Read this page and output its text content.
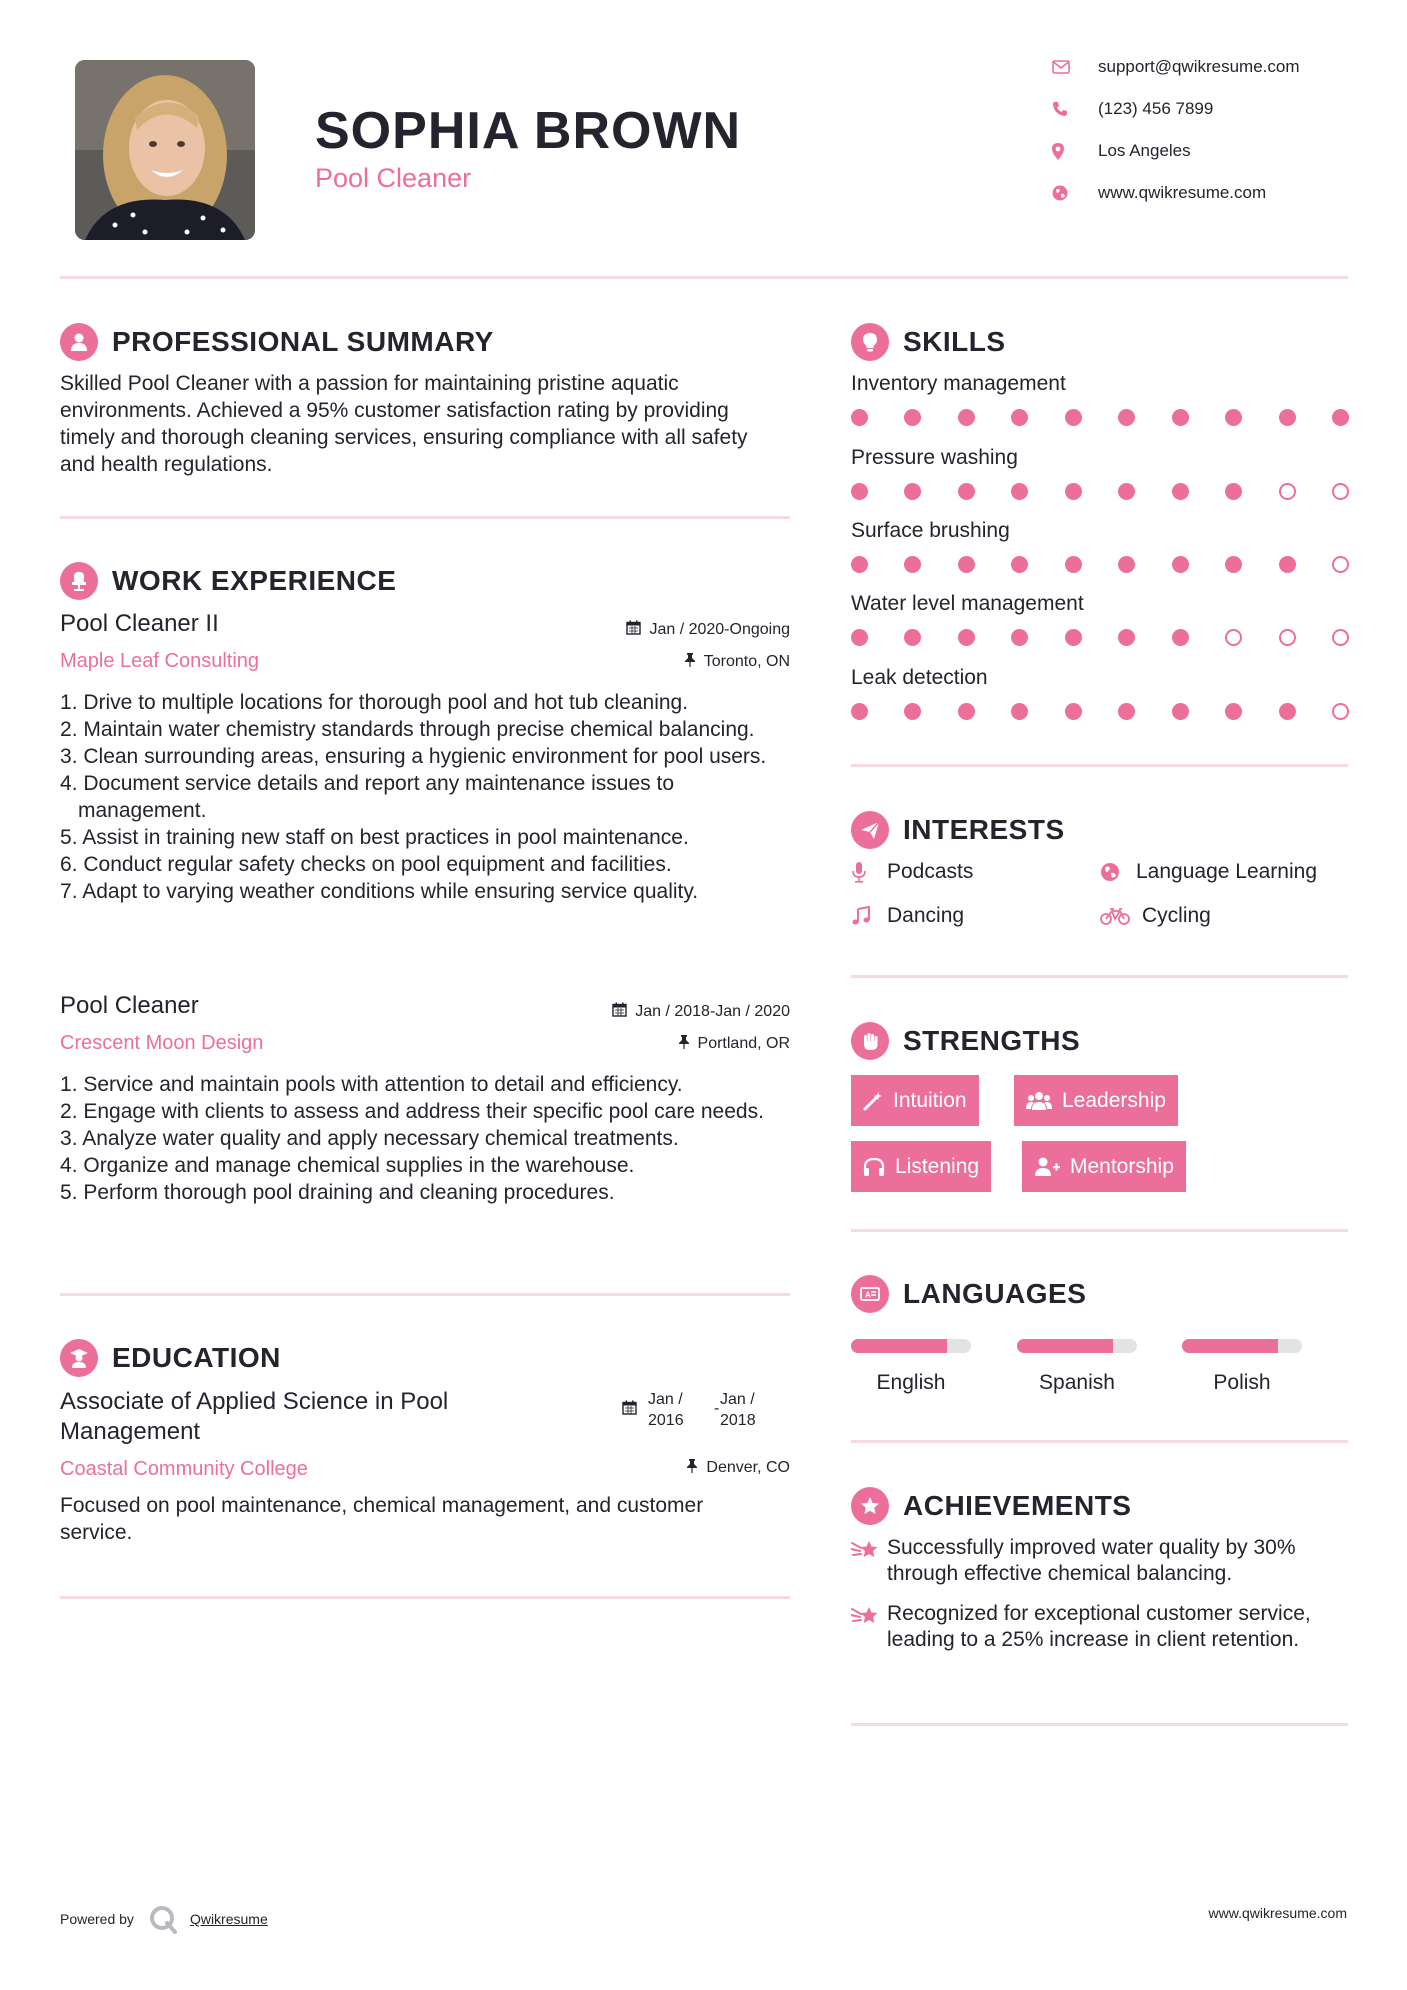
SOPHIA BROWN
Pool Cleaner
support@qwikresume.com
(123) 456 7899
Los Angeles
www.qwikresume.com
PROFESSIONAL SUMMARY
Skilled Pool Cleaner with a passion for maintaining pristine aquatic environments. Achieved a 95% customer satisfaction rating by providing timely and thorough cleaning services, ensuring compliance with all safety and health regulations.
WORK EXPERIENCE
Pool Cleaner II	Jan / 2020-Ongoing
Maple Leaf Consulting	Toronto, ON
Drive to multiple locations for thorough pool and hot tub cleaning.
Maintain water chemistry standards through precise chemical balancing.
Clean surrounding areas, ensuring a hygienic environment for pool users.
Document service details and report any maintenance issues to management.
Assist in training new staff on best practices in pool maintenance.
Conduct regular safety checks on pool equipment and facilities.
Adapt to varying weather conditions while ensuring service quality.
Pool Cleaner	Jan / 2018-Jan / 2020
Crescent Moon Design	Portland, OR
Service and maintain pools with attention to detail and efficiency.
Engage with clients to assess and address their specific pool care needs.
Analyze water quality and apply necessary chemical treatments.
Organize and manage chemical supplies in the warehouse.
Perform thorough pool draining and cleaning procedures.
EDUCATION
Associate of Applied Science in Pool Management
Jan / 2016
-
Jan / 2018
Coastal Community College	Denver, CO
Focused on pool maintenance, chemical management, and customer service.
SKILLS
Inventory management
Pressure washing
Surface brushing
Water level management
Leak detection
INTERESTS
Podcasts	Language Learning
Dancing	Cycling
STRENGTHS
Intuition	Leadership
Listening	Mentorship
A LANGUAGES
English	Spanish	Polish
ACHIEVEMENTS
Successfully improved water quality by 30% through effective chemical balancing.
Recognized for exceptional customer service, leading to a 25% increase in client retention.
Powered by	Qwikresume	www.qwikresume.com
